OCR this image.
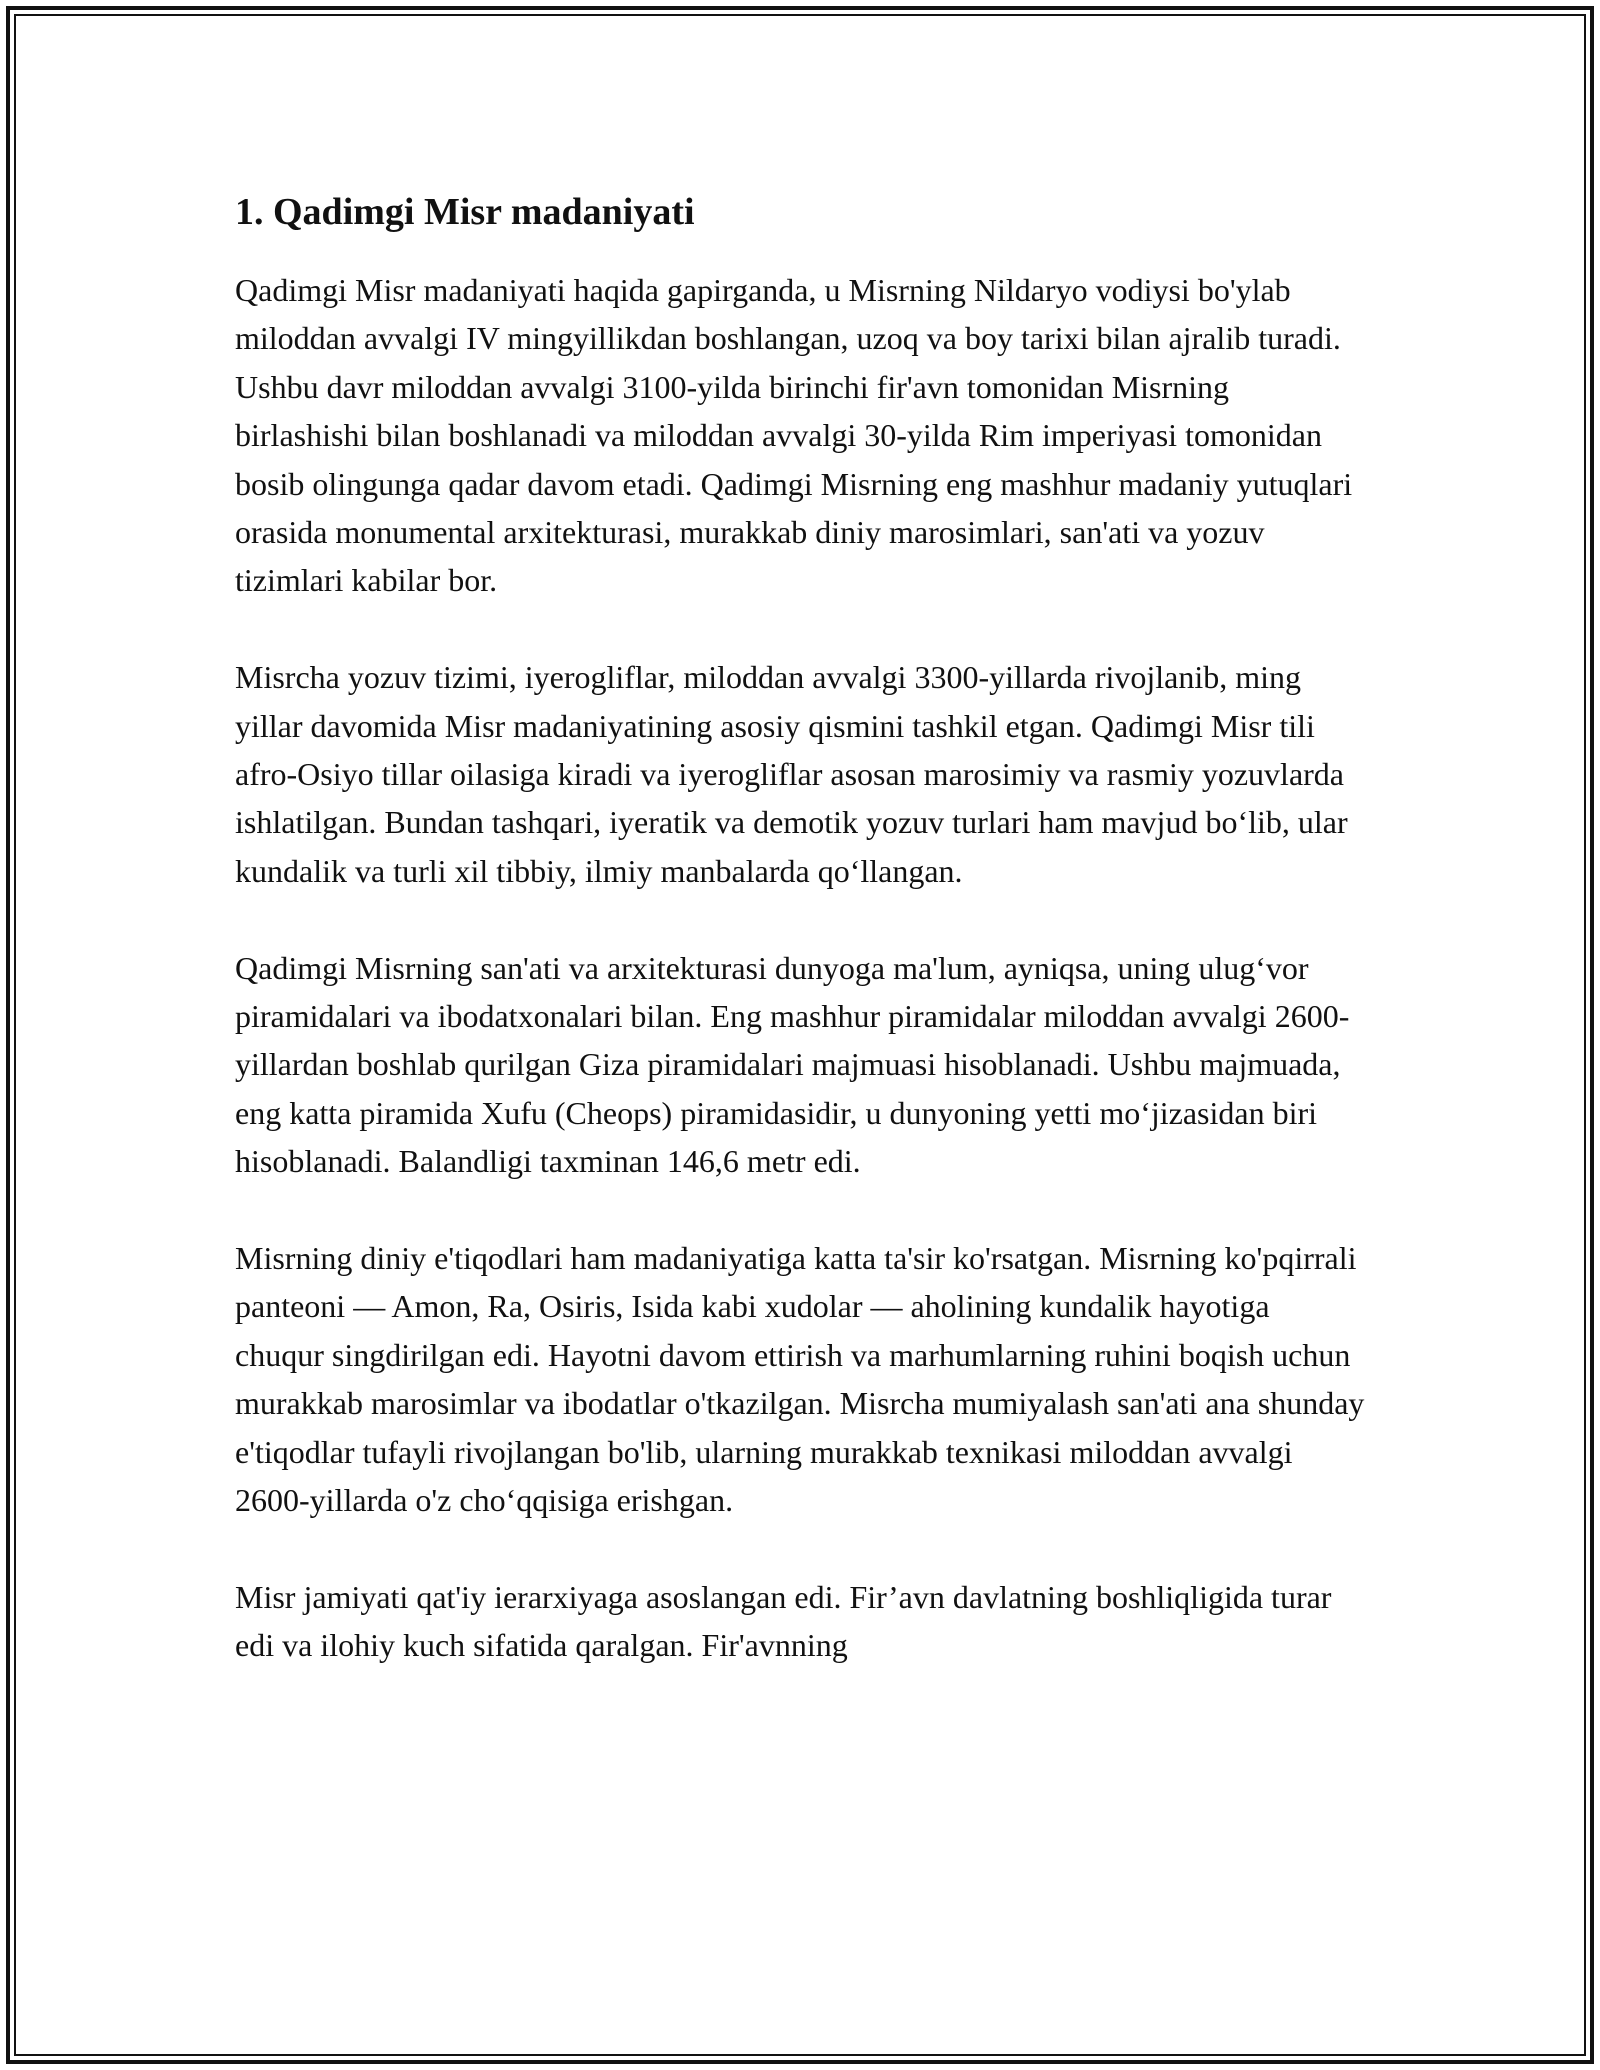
1. Qadimgi Misr madaniyati

Qadimgi Misr madaniyati haqida gapirganda, u Misrning Nildaryo vodiysi bo'ylab miloddan avvalgi IV mingyillikdan boshlangan, uzoq va boy tarixi bilan ajralib turadi. Ushbu davr miloddan avvalgi 3100-yilda birinchi fir'avn tomonidan Misrning birlashishi bilan boshlanadi va miloddan avvalgi 30-yilda Rim imperiyasi tomonidan bosib olingunga qadar davom etadi. Qadimgi Misrning eng mashhur madaniy yutuqlari orasida monumental arxitekturasi, murakkab diniy marosimlari, san'ati va yozuv tizimlari kabilar bor.

Misrcha yozuv tizimi, iyerogliflar, miloddan avvalgi 3300-yillarda rivojlanib, ming yillar davomida Misr madaniyatining asosiy qismini tashkil etgan. Qadimgi Misr tili afro-Osiyo tillar oilasiga kiradi va iyerogliflar asosan marosimiy va rasmiy yozuvlarda ishlatilgan. Bundan tashqari, iyeratik va demotik yozuv turlari ham mavjud bo‘lib, ular kundalik va turli xil tibbiy, ilmiy manbalarda qo‘llangan.

Qadimgi Misrning san'ati va arxitekturasi dunyoga ma'lum, ayniqsa, uning ulug‘vor piramidalari va ibodatxonalari bilan. Eng mashhur piramidalar miloddan avvalgi 2600-yillardan boshlab qurilgan Giza piramidalari majmuasi hisoblanadi. Ushbu majmuada, eng katta piramida Xufu (Cheops) piramidasidir, u dunyoning yetti mo‘jizasidan biri hisoblanadi. Balandligi taxminan 146,6 metr edi.

Misrning diniy e'tiqodlari ham madaniyatiga katta ta'sir ko'rsatgan. Misrning ko'pqirrali panteoni — Amon, Ra, Osiris, Isida kabi xudolar — aholining kundalik hayotiga chuqur singdirilgan edi. Hayotni davom ettirish va marhumlarning ruhini boqish uchun murakkab marosimlar va ibodatlar o'tkazilgan. Misrcha mumiyalash san'ati ana shunday e'tiqodlar tufayli rivojlangan bo'lib, ularning murakkab texnikasi miloddan avvalgi 2600-yillarda o'z cho‘qqisiga erishgan.

Misr jamiyati qat'iy ierarxiyaga asoslangan edi. Fir’avn davlatning boshliqligida turar edi va ilohiy kuch sifatida qaralgan. Fir'avnning
